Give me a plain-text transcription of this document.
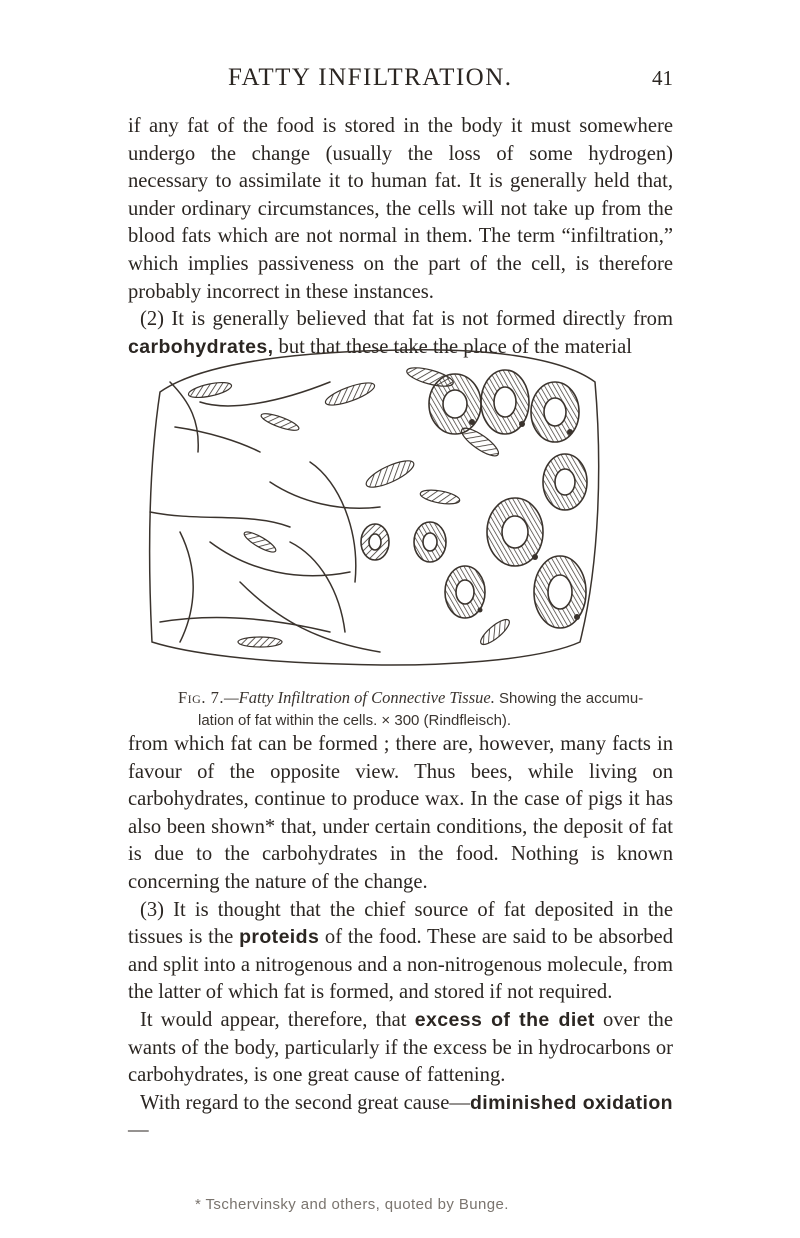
FATTY INFILTRATION.	41

if any fat of the food is stored in the body it must somewhere undergo the change (usually the loss of some hydrogen) necessary to assimilate it to human fat. It is generally held that, under ordinary circumstances, the cells will not take up from the blood fats which are not normal in them. The term “infiltration,” which implies passiveness on the part of the cell, is therefore probably incorrect in these instances.

(2) It is generally believed that fat is not formed directly from carbohydrates, but that these take the place of the material

Fig. 7.—Fatty Infiltration of Connective Tissue. Showing the accumu-
lation of fat within the cells. × 300 (Rindfleisch).

from which fat can be formed ; there are, however, many facts in favour of the opposite view. Thus bees, while living on carbohydrates, continue to produce wax. In the case of pigs it has also been shown* that, under certain conditions, the deposit of fat is due to the carbohydrates in the food. Nothing is known concerning the nature of the change.

(3) It is thought that the chief source of fat deposited in the tissues is the proteids of the food. These are said to be absorbed and split into a nitrogenous and a non-nitrogenous molecule, from the latter of which fat is formed, and stored if not required.

It would appear, therefore, that excess of the diet over the wants of the body, particularly if the excess be in hydrocarbons or carbohydrates, is one great cause of fattening.

With regard to the second great cause—diminished oxidation—

* Tschervinsky and others, quoted by Bunge.
